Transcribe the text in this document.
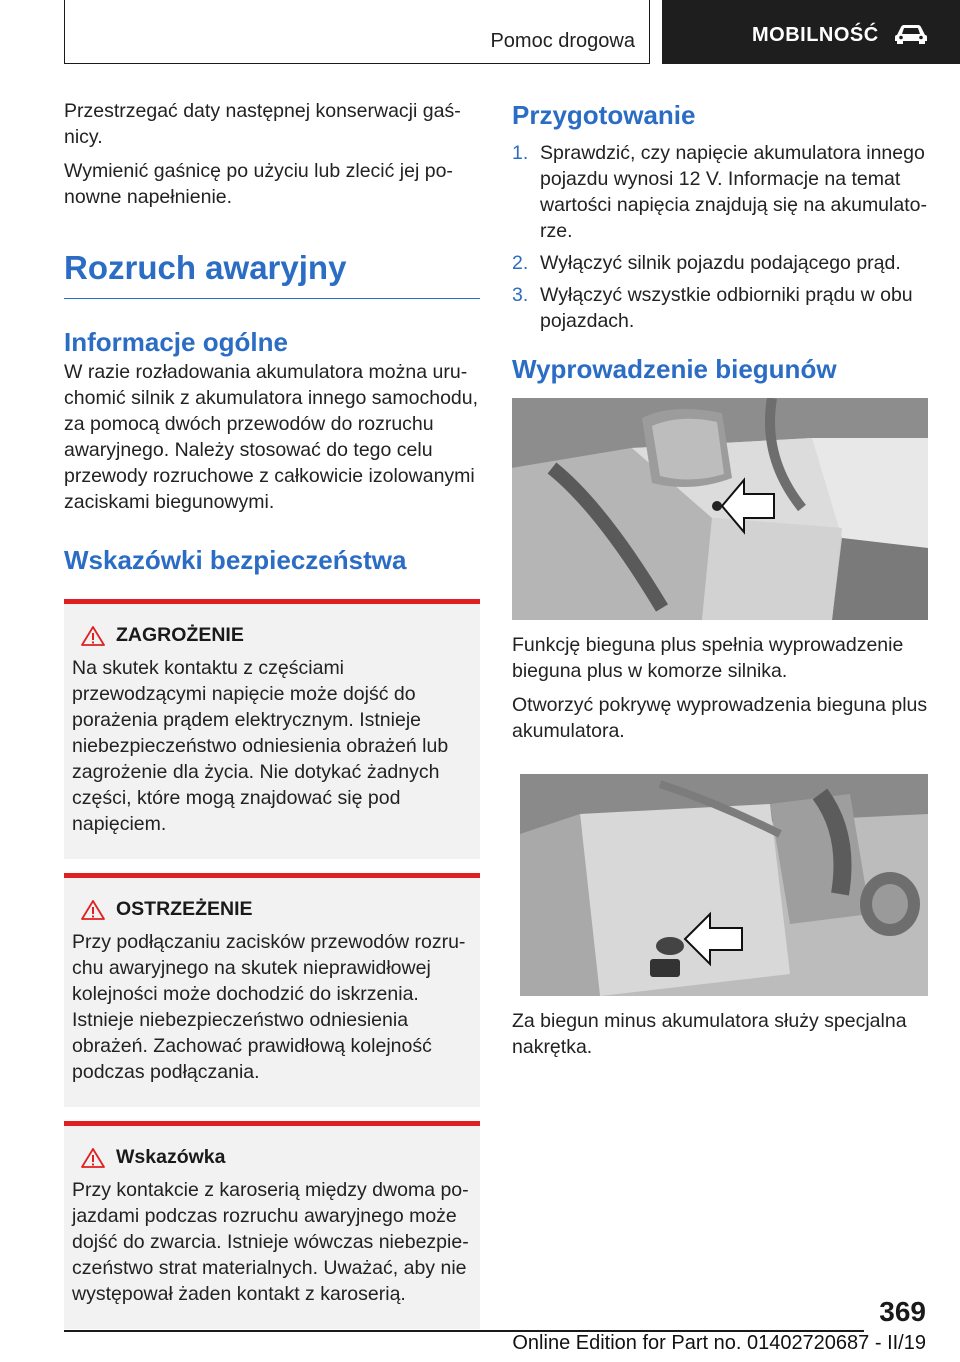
Pomoc drogowa	MOBILNOŚĆ

Przestrzegać daty następnej konserwacji gaśnicy.

Wymienić gaśnicę po użyciu lub zlecić jej ponowne napełnienie.

Rozruch awaryjny
Informacje ogólne

W razie rozładowania akumulatora można uruchomić silnik z akumulatora innego samochodu, za pomocą dwóch przewodów do rozruchu awaryjnego. Należy stosować do tego celu przewody rozruchowe z całkowicie izolowanymi zaciskami biegunowymi.

Wskazówki bezpieczeństwa
ZAGROŻENIE

Na skutek kontaktu z częściami przewodzącymi napięcie może dojść do porażenia prądem elektrycznym. Istnieje niebezpieczeństwo odniesienia obrażeń lub zagrożenie dla życia. Nie dotykać żadnych części, które mogą znajdować się pod napięciem.

OSTRZEŻENIE

Przy podłączaniu zacisków przewodów rozruchu awaryjnego na skutek nieprawidłowej kolejności może dochodzić do iskrzenia. Istnieje niebezpieczeństwo odniesienia obrażeń. Zachować prawidłową kolejność podczas podłączania.

Wskazówka

Przy kontakcie z karoserią między dwoma pojazdami podczas rozruchu awaryjnego może dojść do zwarcia. Istnieje wówczas niebezpieczeństwo strat materialnych. Uważać, aby nie występował żaden kontakt z karoserią.

Przygotowanie
1. Sprawdzić, czy napięcie akumulatora innego pojazdu wynosi 12 V. Informacje na temat wartości napięcia znajdują się na akumulatorze.
2. Wyłączyć silnik pojazdu podającego prąd.
3. Wyłączyć wszystkie odbiorniki prądu w obu pojazdach.
Wyprowadzenie biegunów

Funkcję bieguna plus spełnia wyprowadzenie bieguna plus w komorze silnika.

Otworzyć pokrywę wyprowadzenia bieguna plus akumulatora.

Za biegun minus akumulatora służy specjalna nakrętka.

369
Online Edition for Part no. 01402720687 - II/19
